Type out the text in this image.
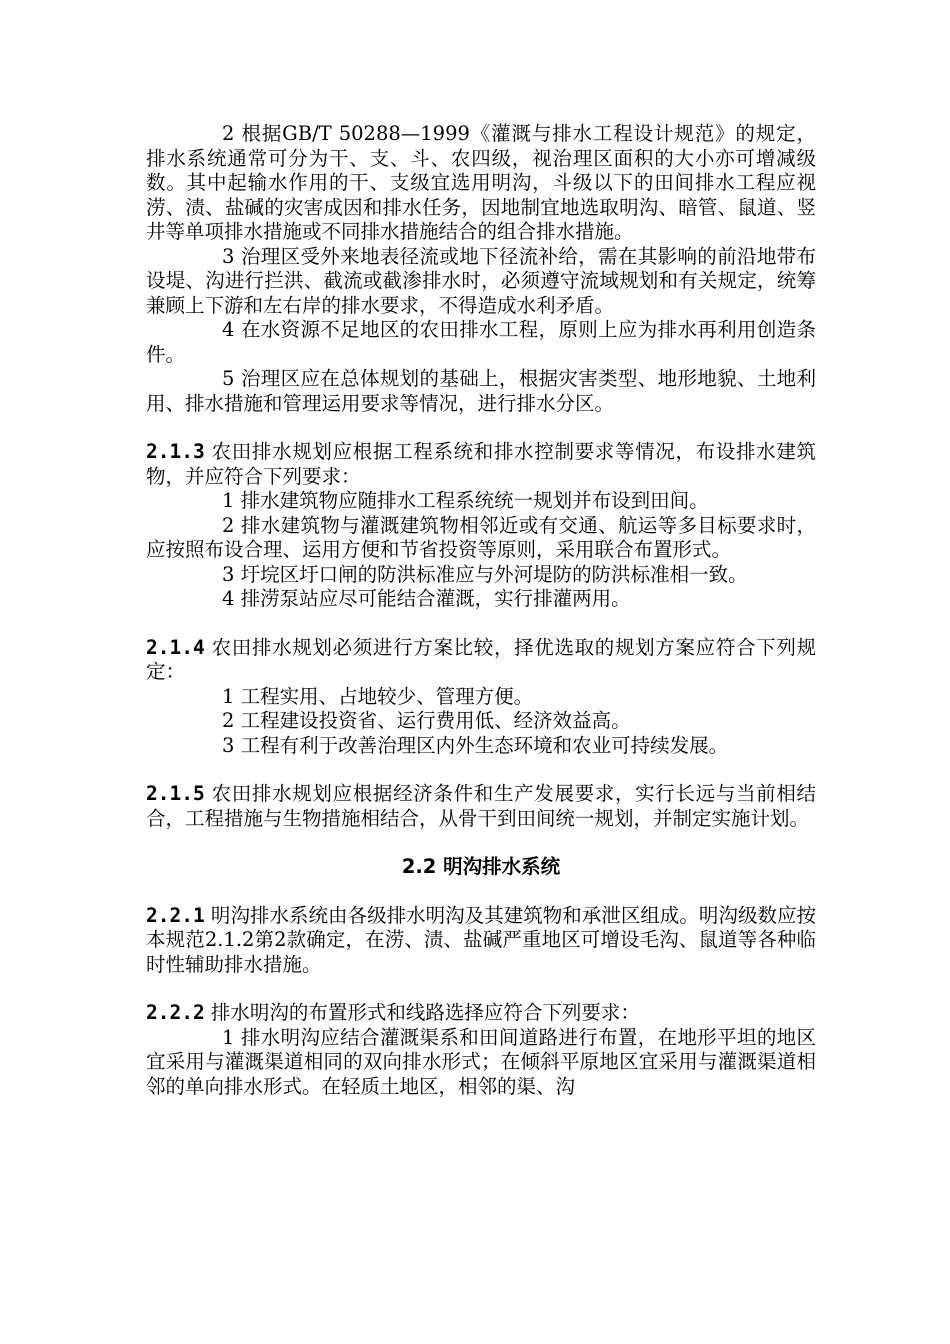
2 根据GB/T 50288—1999《灌溉与排水工程设计规范》的规定，排水系统通常可分为干、支、斗、农四级，视治理区面积的大小亦可增减级数。其中起输水作用的干、支级宜选用明沟，斗级以下的田间排水工程应视涝、渍、盐碱的灾害成因和排水任务，因地制宜地选取明沟、暗管、鼠道、竖井等单项排水措施或不同排水措施结合的组合排水措施。

3 治理区受外来地表径流或地下径流补给，需在其影响的前沿地带布设堤、沟进行拦洪、截流或截渗排水时，必须遵守流域规划和有关规定，统筹兼顾上下游和左右岸的排水要求，不得造成水利矛盾。

4 在水资源不足地区的农田排水工程，原则上应为排水再利用创造条件。

5 治理区应在总体规划的基础上，根据灾害类型、地形地貌、土地利用、排水措施和管理运用要求等情况，进行排水分区。

2.1.3 农田排水规划应根据工程系统和排水控制要求等情况，布设排水建筑物，并应符合下列要求：

1 排水建筑物应随排水工程系统统一规划并布设到田间。

2 排水建筑物与灌溉建筑物相邻近或有交通、航运等多目标要求时，应按照布设合理、运用方便和节省投资等原则，采用联合布置形式。

3 圩垸区圩口闸的防洪标准应与外河堤防的防洪标准相一致。

4 排涝泵站应尽可能结合灌溉，实行排灌两用。

2.1.4 农田排水规划必须进行方案比较，择优选取的规划方案应符合下列规定：

1 工程实用、占地较少、管理方便。

2 工程建设投资省、运行费用低、经济效益高。

3 工程有利于改善治理区内外生态环境和农业可持续发展。

2.1.5 农田排水规划应根据经济条件和生产发展要求，实行长远与当前相结合，工程措施与生物措施相结合，从骨干到田间统一规划，并制定实施计划。

2.2 明沟排水系统

2.2.1 明沟排水系统由各级排水明沟及其建筑物和承泄区组成。明沟级数应按本规范2.1.2第2款确定，在涝、渍、盐碱严重地区可增设毛沟、鼠道等各种临时性辅助排水措施。

2.2.2 排水明沟的布置形式和线路选择应符合下列要求：

1 排水明沟应结合灌溉渠系和田间道路进行布置，在地形平坦的地区宜采用与灌溉渠道相同的双向排水形式；在倾斜平原地区宜采用与灌溉渠道相邻的单向排水形式。在轻质土地区，相邻的渠、沟
